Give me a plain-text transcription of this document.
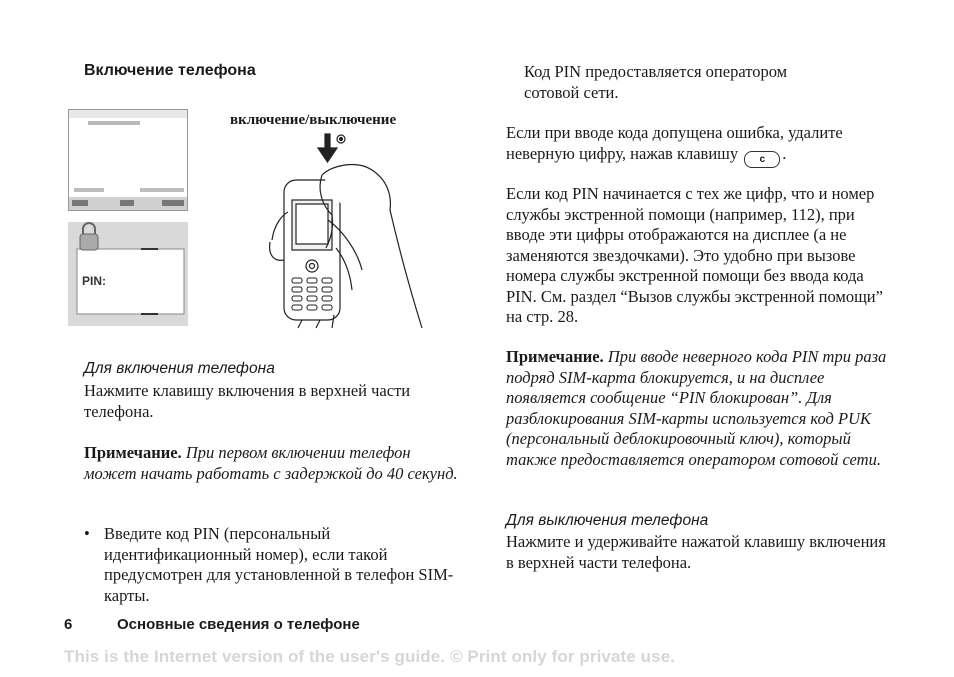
Включение телефона
PIN:
включение/выключение
Для включения телефона
Нажмите клавишу включения в верхней части телефона.
Примечание. При первом включении телефон может начать работать с задержкой до 40 секунд.
• Введите код PIN (персональный идентификационный номер), если такой предусмотрен для установленной в телефон SIM-карты.
Код PIN предоставляется оператором сотовой сети.
Если при вводе кода допущена ошибка, удалите неверную цифру, нажав клавишу c .
Если код PIN начинается с тех же цифр, что и номер службы экстренной помощи (например, 112), при вводе эти цифры отображаются на дисплее (а не заменяются звездочками). Это удобно при вызове номера службы экстренной помощи без ввода кода PIN. См. раздел “Вызов службы экстренной помощи” на стр. 28.
Примечание. При вводе неверного кода PIN три раза подряд SIM-карта блокируется, и на дисплее появляется сообщение “PIN блокирован”. Для разблокирования SIM-карты используется код PUK (персональный деблокировочный ключ), который также предоставляется оператором сотовой сети.
Для выключения телефона
Нажмите и удерживайте нажатой клавишу включения в верхней части телефона.
6	Основные сведения о телефоне
This is the Internet version of the user's guide. © Print only for private use.
